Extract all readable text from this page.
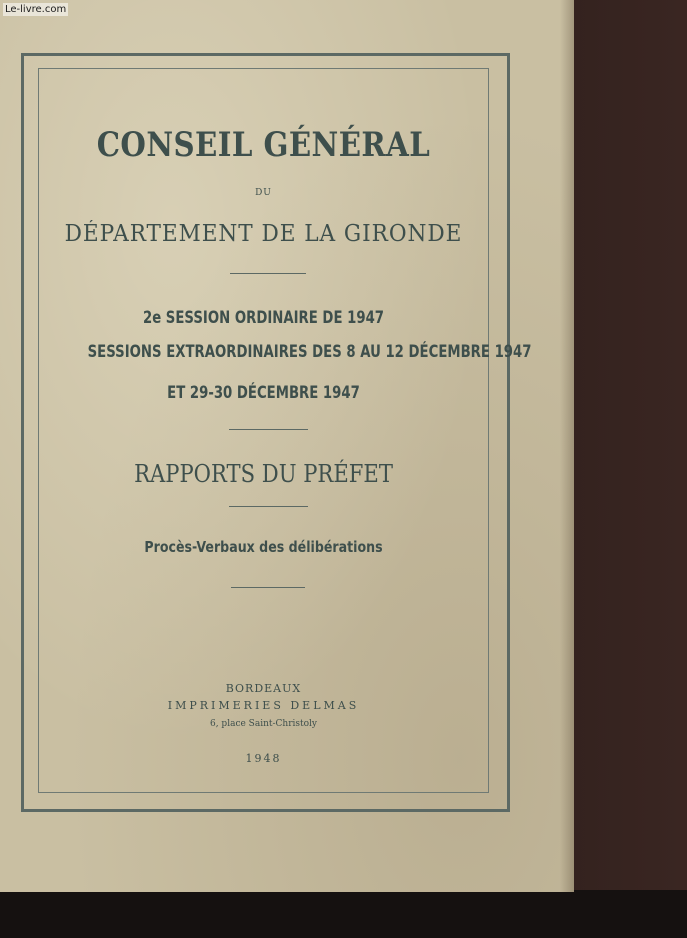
CONSEIL GÉNÉRAL

DU

DÉPARTEMENT DE LA GIRONDE

2e SESSION ORDINAIRE DE 1947

SESSIONS EXTRAORDINAIRES DES 8 AU 12 DÉCEMBRE 1947

ET 29-30 DÉCEMBRE 1947

RAPPORTS DU PRÉFET

Procès-Verbaux des délibérations

BORDEAUX

IMPRIMERIES DELMAS

6, place Saint-Christoly

1948

Le-livre.com
